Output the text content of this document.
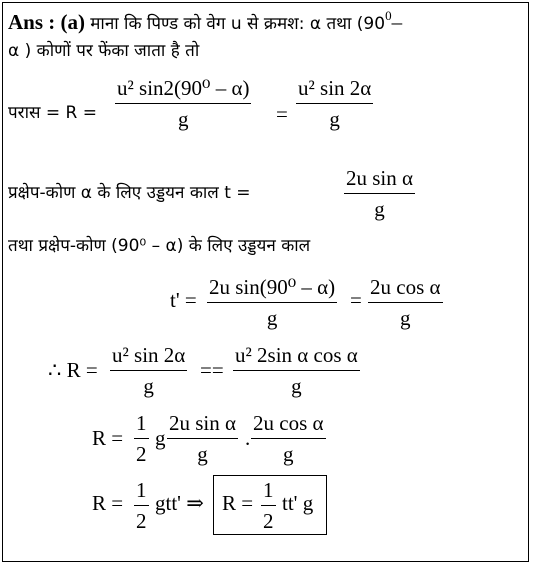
Ans : (a) माना कि पिण्ड को वेग u से क्रमश: α तथा ($90^0-$
α ) कोणों पर फेंका जाता है तो
परास = R =
u² sin2(90⁰ – α)
g	=
u² sin 2α
g
प्रक्षेप-कोण α के लिए उड्डयन काल t =
2u sin α
g
तथा प्रक्षेप-कोण (90⁰ – α) के लिए उड्डयन काल
t' =
2u sin(90⁰ – α)
g
=
2u cos α
g
∴ R =
u² sin 2α
g
==
u² 2sin α cos α
g
R =
1
2
g
2u sin α
g
.
2u cos α
g
R =
1
2
gtt' ⇒ R =
1
2
tt' g
